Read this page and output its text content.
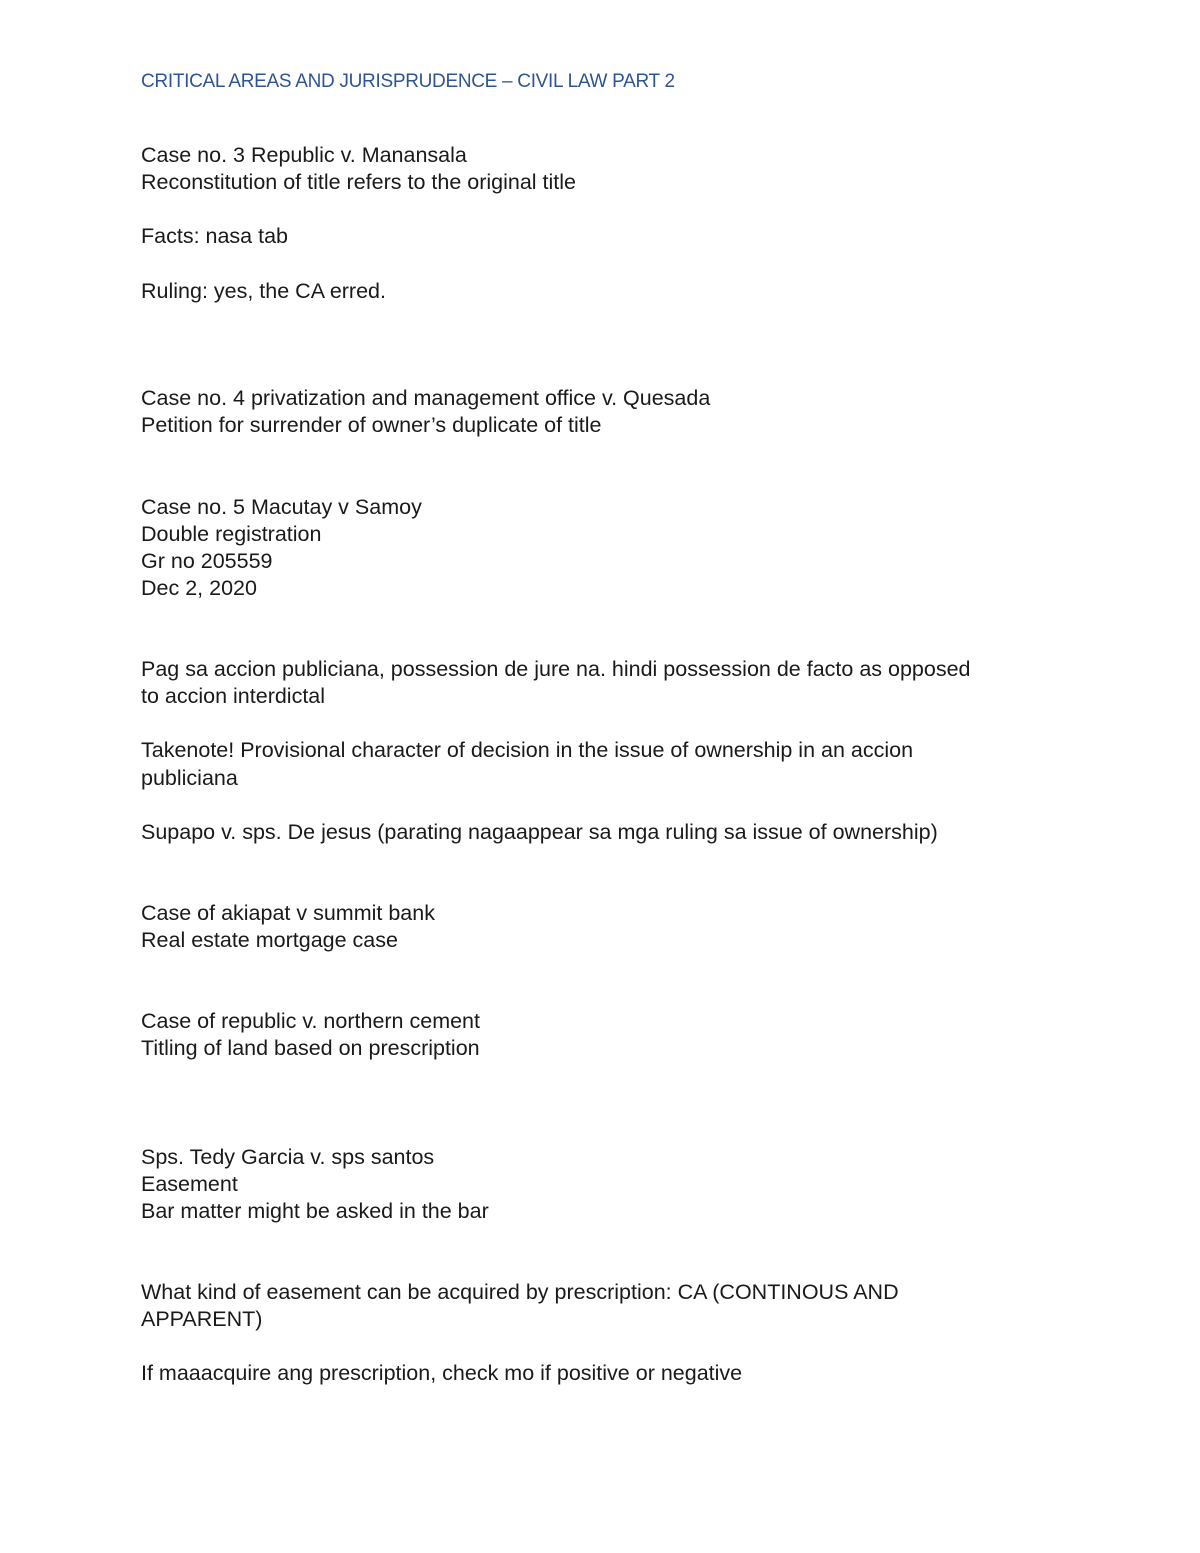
CRITICAL AREAS AND JURISPRUDENCE – CIVIL LAW PART 2
Case no. 3 Republic v. Manansala
Reconstitution of title refers to the original title
Facts: nasa tab
Ruling: yes, the CA erred.
Case no. 4 privatization and management office v. Quesada
Petition for surrender of owner’s duplicate of title
Case no. 5 Macutay v Samoy
Double registration
Gr no 205559
Dec 2, 2020
Pag sa accion publiciana, possession de jure na. hindi possession de facto as opposed
to accion interdictal
Takenote! Provisional character of decision in the issue of ownership in an accion
publiciana
Supapo v. sps. De jesus (parating nagaappear sa mga ruling sa issue of ownership)
Case of akiapat v summit bank
Real estate mortgage case
Case of republic v. northern cement
Titling of land based on prescription
Sps. Tedy Garcia v. sps santos
Easement
Bar matter might be asked in the bar
What kind of easement can be acquired by prescription: CA (CONTINOUS AND
APPARENT)
If maaacquire ang prescription, check mo if positive or negative
